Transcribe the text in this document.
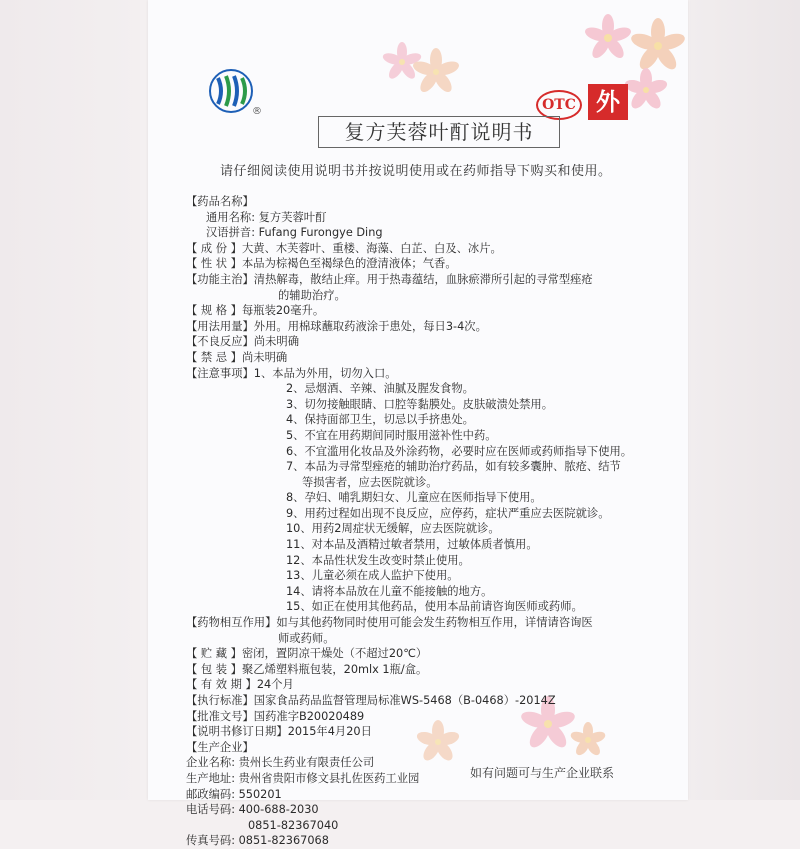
®	OTC 外
复方芙蓉叶酊说明书
请仔细阅读使用说明书并按说明使用或在药师指导下购买和使用。
【药品名称】
通用名称: 复方芙蓉叶酊
汉语拼音: Fufang Furongye Ding
【 成 份 】大黄、木芙蓉叶、重楼、海藻、白芷、白及、冰片。
【 性 状 】本品为棕褐色至褐绿色的澄清液体；气香。
【功能主治】清热解毒，散结止痒。用于热毒蕴结，血脉瘀滞所引起的寻常型痤疮
的辅助治疗。
【 规 格 】每瓶装20毫升。
【用法用量】外用。用棉球蘸取药液涂于患处，每日3-4次。
【不良反应】尚未明确
【 禁 忌 】尚未明确
【注意事项】1、本品为外用，切勿入口。
2、忌烟酒、辛辣、油腻及腥发食物。
3、切勿接触眼睛、口腔等黏膜处。皮肤破溃处禁用。
4、保持面部卫生，切忌以手挤患处。
5、不宜在用药期间同时服用滋补性中药。
6、不宜滥用化妆品及外涂药物，必要时应在医师或药师指导下使用。
7、本品为寻常型痤疮的辅助治疗药品，如有较多囊肿、脓疮、结节
等损害者，应去医院就诊。
8、孕妇、哺乳期妇女、儿童应在医师指导下使用。
9、用药过程如出现不良反应，应停药，症状严重应去医院就诊。
10、用药2周症状无缓解，应去医院就诊。
11、对本品及酒精过敏者禁用，过敏体质者慎用。
12、本品性状发生改变时禁止使用。
13、儿童必须在成人监护下使用。
14、请将本品放在儿童不能接触的地方。
15、如正在使用其他药品，使用本品前请咨询医师或药师。
【药物相互作用】如与其他药物同时使用可能会发生药物相互作用，详情请咨询医
师或药师。
【 贮 藏 】密闭，置阴凉干燥处（不超过20℃）
【 包 装 】聚乙烯塑料瓶包装，20mlx 1瓶/盒。
【 有 效 期 】24个月
【执行标准】国家食品药品监督管理局标准WS-5468（B-0468）-2014Z
【批准文号】国药准字B20020489
【说明书修订日期】2015年4月20日
【生产企业】
企业名称: 贵州长生药业有限责任公司
生产地址: 贵州省贵阳市修文县扎佐医药工业园
邮政编码: 550201
电话号码: 400-688-2030
0851-82367040
传真号码: 0851-82367068
如有问题可与生产企业联系
